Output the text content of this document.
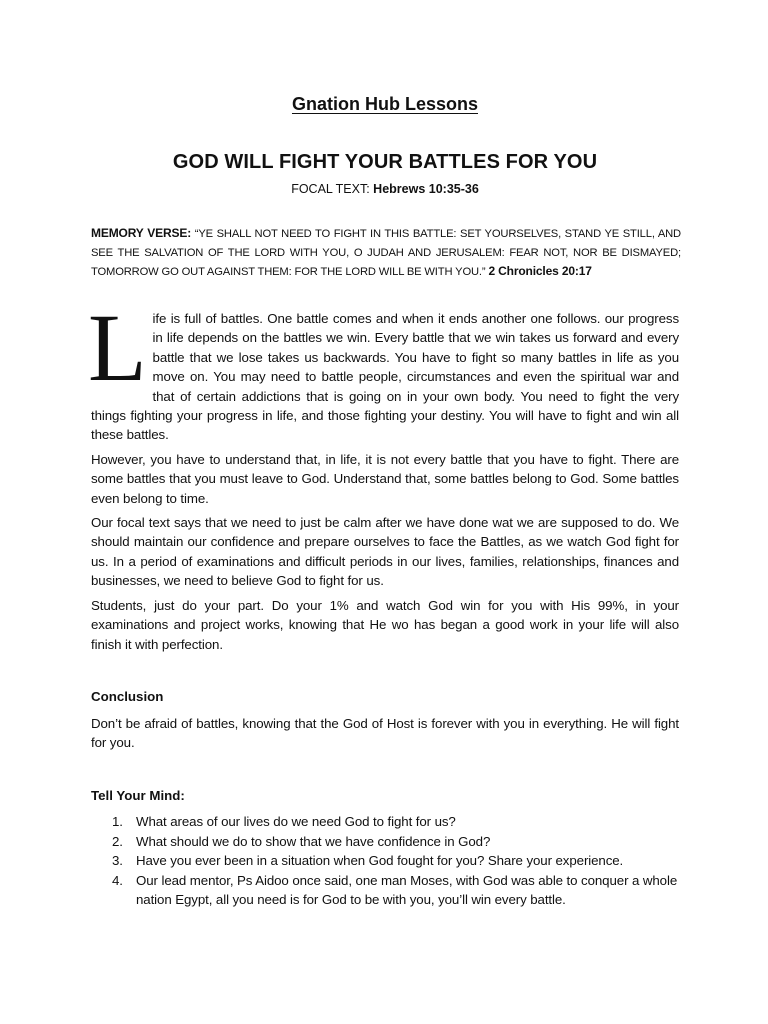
Gnation Hub Lessons
GOD WILL FIGHT YOUR BATTLES FOR YOU
FOCAL TEXT: Hebrews 10:35-36
MEMORY VERSE: “YE SHALL NOT NEED TO FIGHT IN THIS BATTLE: SET YOURSELVES, STAND YE STILL, AND SEE THE SALVATION OF THE LORD WITH YOU, O JUDAH AND JERUSALEM: FEAR NOT, NOR BE DISMAYED; TOMORROW GO OUT AGAINST THEM: FOR THE LORD WILL BE WITH YOU.” 2 Chronicles 20:17
L ife is full of battles. One battle comes and when it ends another one follows. our progress in life depends on the battles we win. Every battle that we win takes us forward and every battle that we lose takes us backwards. You have to fight so many battles in life as you move on. You may need to battle people, circumstances and even the spiritual war and that of certain addictions that is going on in your own body. You need to fight the very things fighting your progress in life, and those fighting your destiny. You will have to fight and win all these battles.
However, you have to understand that, in life, it is not every battle that you have to fight. There are some battles that you must leave to God. Understand that, some battles belong to God. Some battles even belong to time.
Our focal text says that we need to just be calm after we have done wat we are supposed to do. We should maintain our confidence and prepare ourselves to face the Battles, as we watch God fight for us. In a period of examinations and difficult periods in our lives, families, relationships, finances and businesses, we need to believe God to fight for us.
Students, just do your part. Do your 1% and watch God win for you with His 99%, in your examinations and project works, knowing that He wo has began a good work in your life will also finish it with perfection.
Conclusion
Don’t be afraid of battles, knowing that the God of Host is forever with you in everything. He will fight for you.
Tell Your Mind:
1. What areas of our lives do we need God to fight for us?
2. What should we do to show that we have confidence in God?
3. Have you ever been in a situation when God fought for you? Share your experience.
4. Our lead mentor, Ps Aidoo once said, one man Moses, with God was able to conquer a whole nation Egypt, all you need is for God to be with you, you’ll win every battle.
